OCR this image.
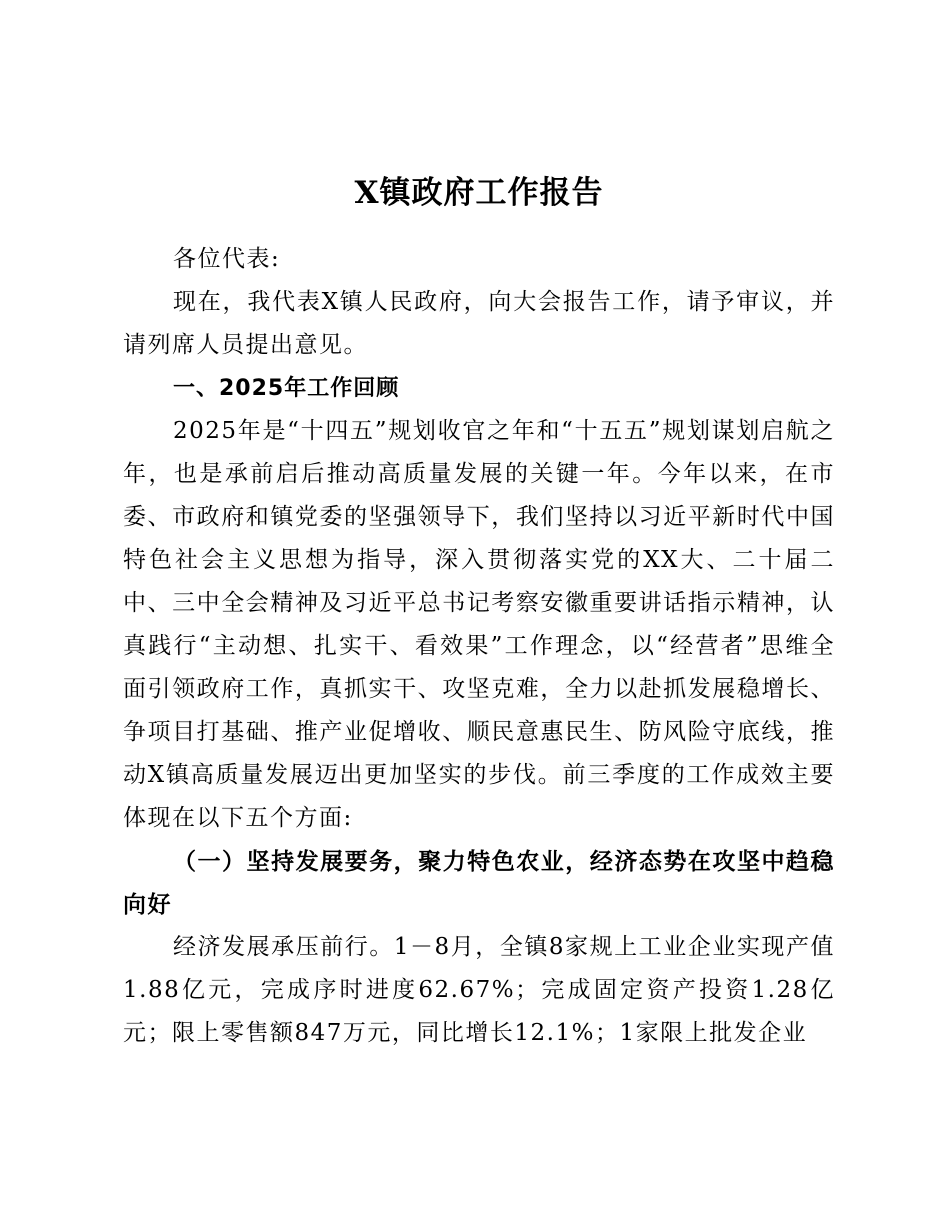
X镇政府工作报告

各位代表:

现在，我代表X镇人民政府，向大会报告工作，请予审议，并请列席人员提出意见。

一、2025年工作回顾

2025年是“十四五”规划收官之年和“十五五”规划谋划启航之年，也是承前启后推动高质量发展的关键一年。今年以来，在市委、市政府和镇党委的坚强领导下，我们坚持以习近平新时代中国特色社会主义思想为指导，深入贯彻落实党的XX大、二十届二中、三中全会精神及习近平总书记考察安徽重要讲话指示精神，认真践行“主动想、扎实干、看效果”工作理念，以“经营者”思维全面引领政府工作，真抓实干、攻坚克难，全力以赴抓发展稳增长、争项目打基础、推产业促增收、顺民意惠民生、防风险守底线，推动X镇高质量发展迈出更加坚实的步伐。前三季度的工作成效主要体现在以下五个方面:

（一）坚持发展要务，聚力特色农业，经济态势在攻坚中趋稳向好

经济发展承压前行。1－8月，全镇8家规上工业企业实现产值1.88亿元，完成序时进度62.67%；完成固定资产投资1.28亿元；限上零售额847万元，同比增长12.1%；1家限上批发企业
